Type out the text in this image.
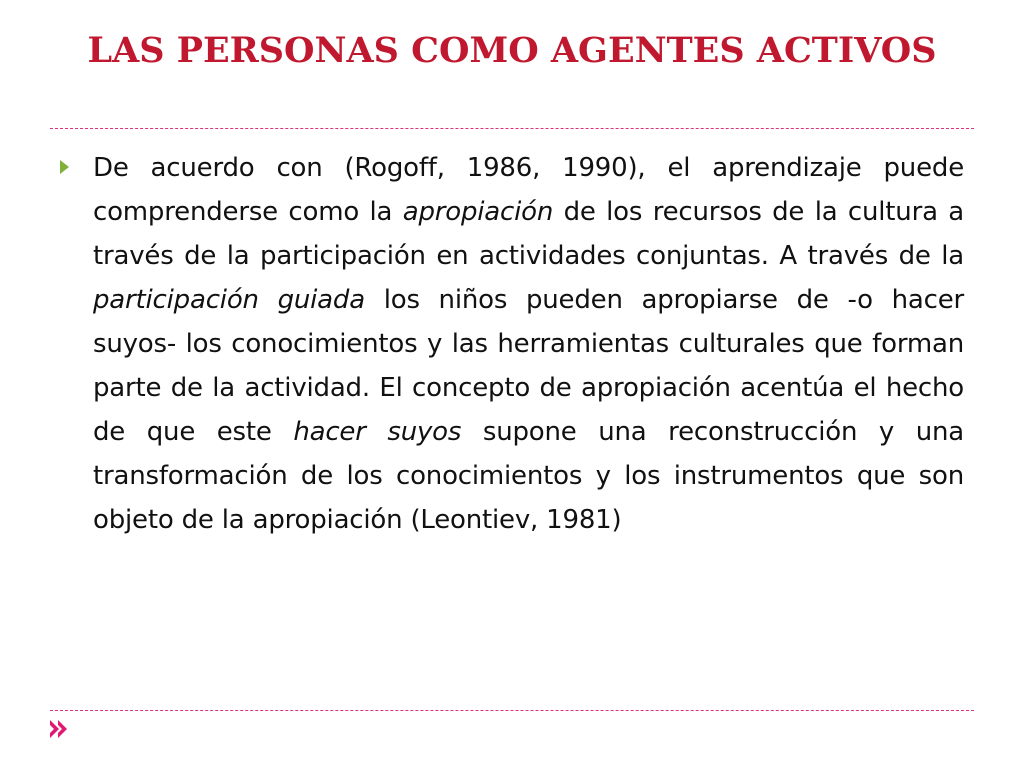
LAS PERSONAS COMO AGENTES ACTIVOS

De acuerdo con (Rogoff, 1986, 1990), el aprendizaje puede comprenderse como la apropiación de los recursos de la cultura a través de la participación en actividades conjuntas. A través de la participación guiada los niños pueden apropiarse de -o hacer suyos- los conocimientos y las herramientas culturales que forman parte de la actividad. El concepto de apropiación acentúa el hecho de que este hacer suyos supone una reconstrucción y una transformación de los conocimientos y los instrumentos que son objeto de la apropiación (Leontiev, 1981)
